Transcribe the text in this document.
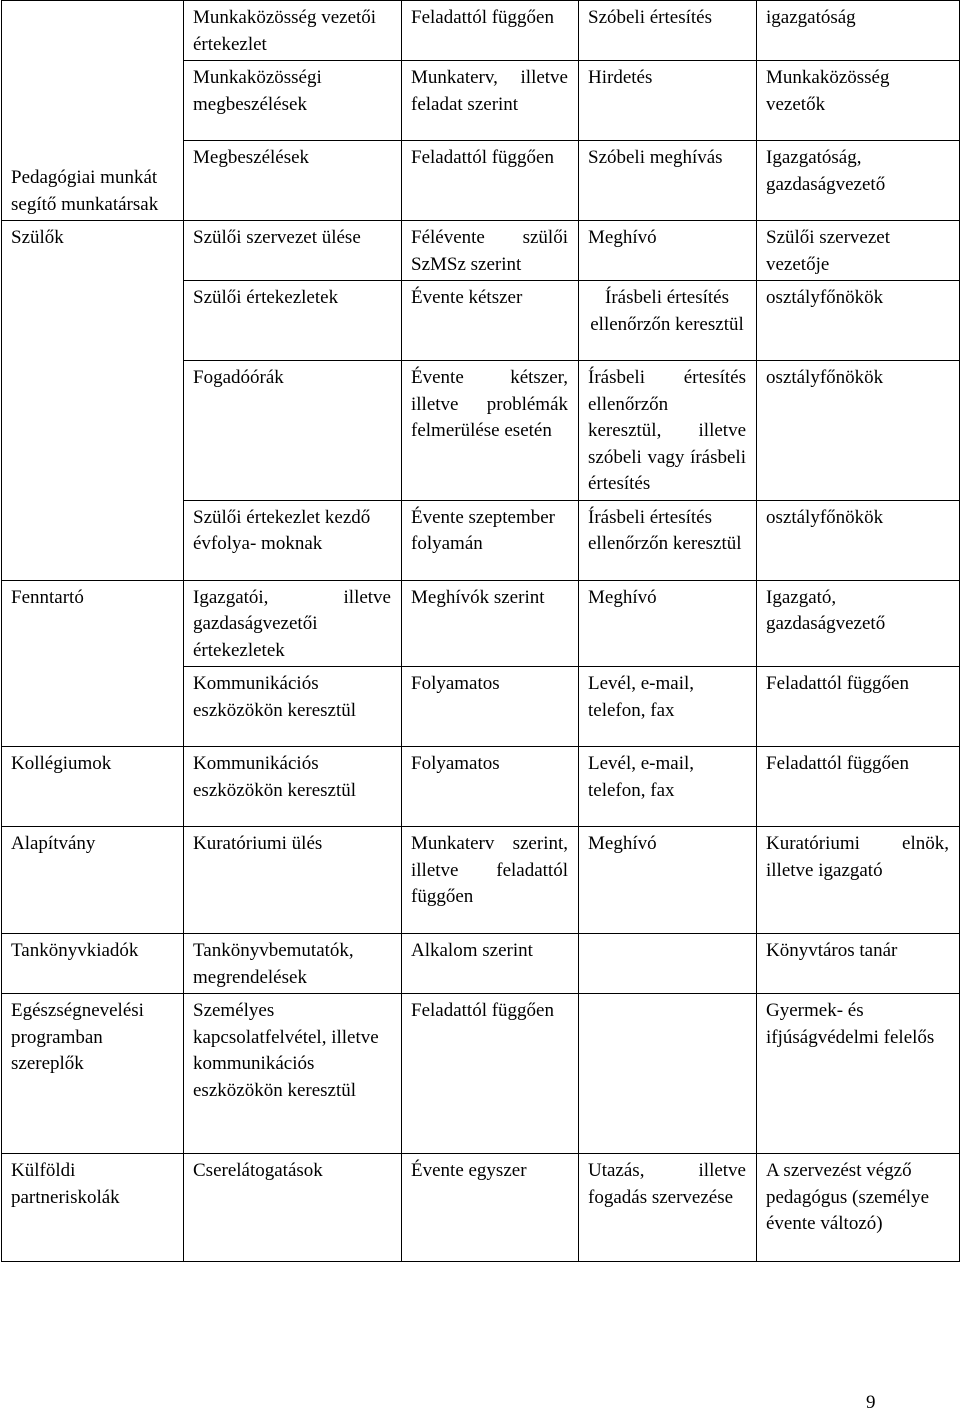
Pedagógiai munkát segítő munkatársak	Munkaközösség vezetői értekezlet	Feladattól függően	Szóbeli értesítés	igazgatóság
	Munkaközösségi megbeszélések	Munkaterv, illetve feladat szerint	Hirdetés	Munkaközösség vezetők
	Megbeszélések	Feladattól függően	Szóbeli meghívás	Igazgatóság, gazdaságvezető
Szülők	Szülői szervezet ülése	Félévente szülői SzMSz szerint	Meghívó	Szülői szervezet vezetője
	Szülői értekezletek	Évente kétszer	Írásbeli értesítés ellenőrzőn keresztül	osztályfőnökök
	Fogadóórák	Évente kétszer, illetve problémák felmerülése esetén	Írásbeli értesítés ellenőrzőn keresztül, illetve szóbeli vagy írásbeli értesítés	osztályfőnökök
	Szülői értekezlet kezdő évfolya- moknak	Évente szeptember folyamán	Írásbeli értesítés ellenőrzőn keresztül	osztályfőnökök
Fenntartó	Igazgatói, illetve gazdaságvezetői értekezletek	Meghívók szerint	Meghívó	Igazgató, gazdaságvezető
	Kommunikációs eszközökön keresztül	Folyamatos	Levél, e-mail, telefon, fax	Feladattól függően
Kollégiumok	Kommunikációs eszközökön keresztül	Folyamatos	Levél, e-mail, telefon, fax	Feladattól függően
Alapítvány	Kuratóriumi ülés	Munkaterv szerint, illetve feladattól függően	Meghívó	Kuratóriumi elnök, illetve igazgató
Tankönyvkiadók	Tankönyvbemutatók, megrendelések	Alkalom szerint		Könyvtáros tanár
Egészségnevelési programban szereplők	Személyes kapcsolatfelvétel, illetve kommunikációs eszközökön keresztül	Feladattól függően		Gyermek- és ifjúságvédelmi felelős
Külföldi partneriskolák	Cserelátogatások	Évente egyszer	Utazás, illetve fogadás szervezése	A szervezést végző pedagógus (személye évente változó)
9
